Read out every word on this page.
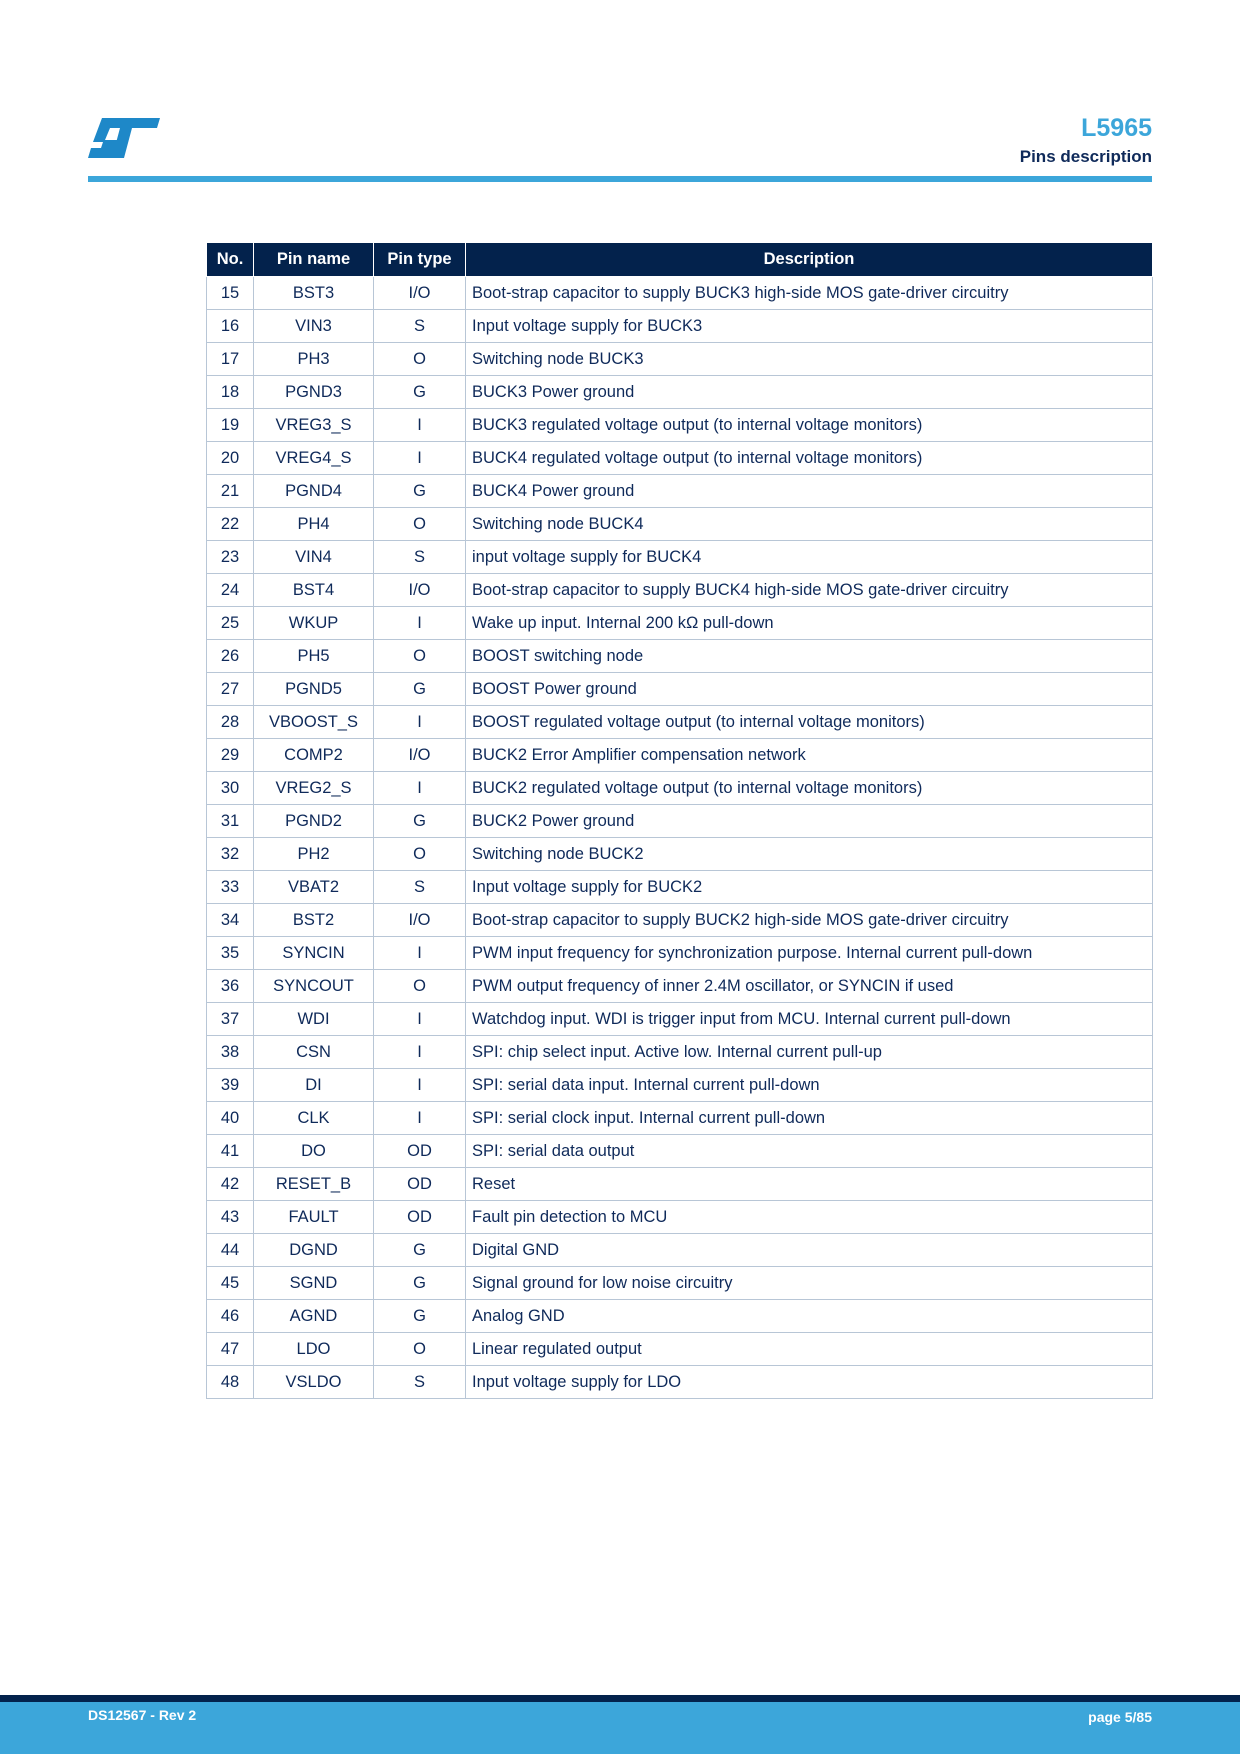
L5965
Pins description
No.	Pin name	Pin type	Description
15	BST3	I/O	Boot-strap capacitor to supply BUCK3 high-side MOS gate-driver circuitry
16	VIN3	S	Input voltage supply for BUCK3
17	PH3	O	Switching node BUCK3
18	PGND3	G	BUCK3 Power ground
19	VREG3_S	I	BUCK3 regulated voltage output (to internal voltage monitors)
20	VREG4_S	I	BUCK4 regulated voltage output (to internal voltage monitors)
21	PGND4	G	BUCK4 Power ground
22	PH4	O	Switching node BUCK4
23	VIN4	S	input voltage supply for BUCK4
24	BST4	I/O	Boot-strap capacitor to supply BUCK4 high-side MOS gate-driver circuitry
25	WKUP	I	Wake up input. Internal 200 kΩ pull-down
26	PH5	O	BOOST switching node
27	PGND5	G	BOOST Power ground
28	VBOOST_S	I	BOOST regulated voltage output (to internal voltage monitors)
29	COMP2	I/O	BUCK2 Error Amplifier compensation network
30	VREG2_S	I	BUCK2 regulated voltage output (to internal voltage monitors)
31	PGND2	G	BUCK2 Power ground
32	PH2	O	Switching node BUCK2
33	VBAT2	S	Input voltage supply for BUCK2
34	BST2	I/O	Boot-strap capacitor to supply BUCK2 high-side MOS gate-driver circuitry
35	SYNCIN	I	PWM input frequency for synchronization purpose. Internal current pull-down
36	SYNCOUT	O	PWM output frequency of inner 2.4M oscillator, or SYNCIN if used
37	WDI	I	Watchdog input. WDI is trigger input from MCU. Internal current pull-down
38	CSN	I	SPI: chip select input. Active low. Internal current pull-up
39	DI	I	SPI: serial data input. Internal current pull-down
40	CLK	I	SPI: serial clock input. Internal current pull-down
41	DO	OD	SPI: serial data output
42	RESET_B	OD	Reset
43	FAULT	OD	Fault pin detection to MCU
44	DGND	G	Digital GND
45	SGND	G	Signal ground for low noise circuitry
46	AGND	G	Analog GND
47	LDO	O	Linear regulated output
48	VSLDO	S	Input voltage supply for LDO
DS12567 - Rev 2	page 5/85
